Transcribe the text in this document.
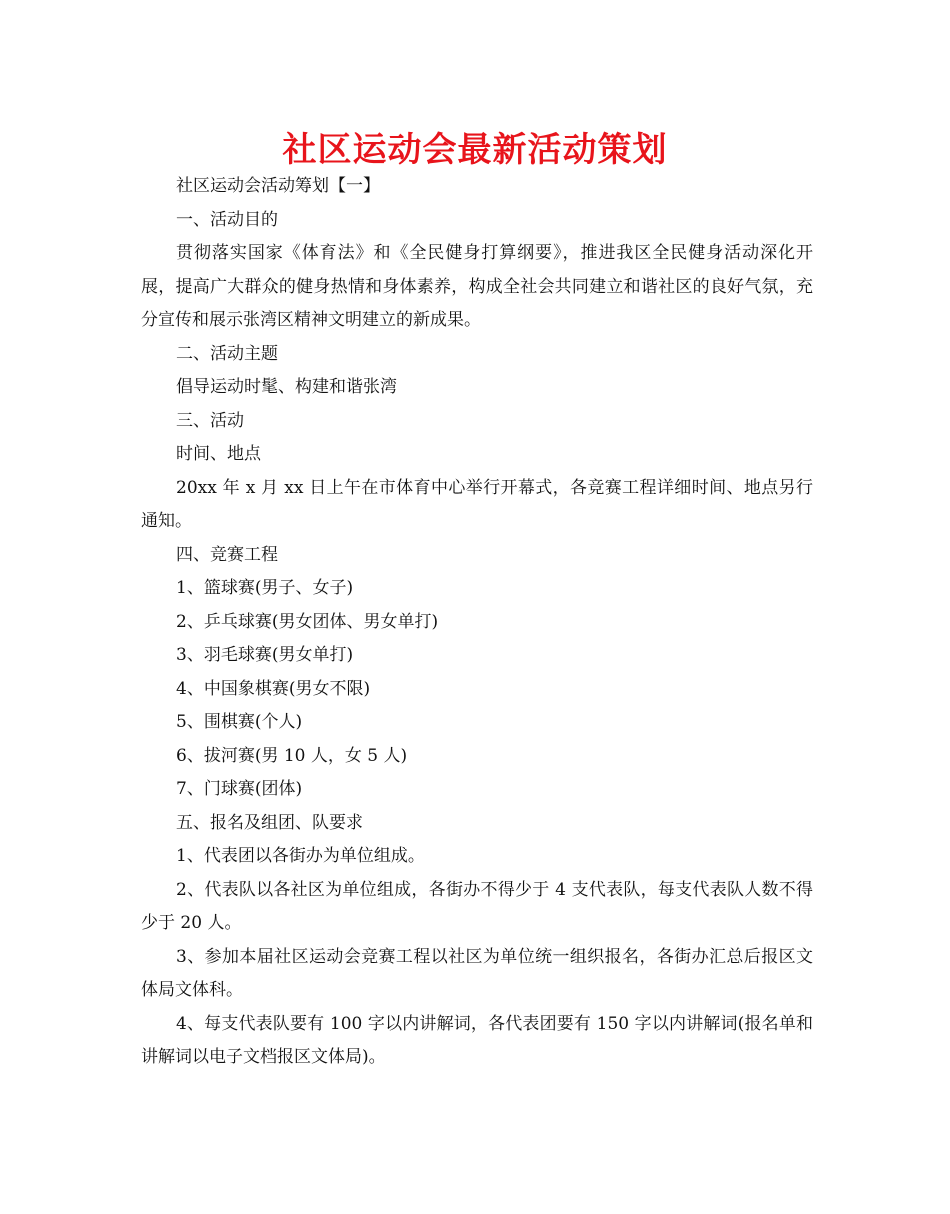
社区运动会最新活动策划

社区运动会活动筹划【一】

一、活动目的

贯彻落实国家《体育法》和《全民健身打算纲要》，推进我区全民健身活动深化开展，提高广大群众的健身热情和身体素养，构成全社会共同建立和谐社区的良好气氛，充分宣传和展示张湾区精神文明建立的新成果。

二、活动主题

倡导运动时髦、构建和谐张湾

三、活动

时间、地点

20xx 年 x 月 xx 日上午在市体育中心举行开幕式，各竞赛工程详细时间、地点另行通知。

四、竞赛工程

1、篮球赛(男子、女子)

2、乒乓球赛(男女团体、男女单打)

3、羽毛球赛(男女单打)

4、中国象棋赛(男女不限)

5、围棋赛(个人)

6、拔河赛(男 10 人，女 5 人)

7、门球赛(团体)

五、报名及组团、队要求

1、代表团以各街办为单位组成。

2、代表队以各社区为单位组成，各街办不得少于 4 支代表队，每支代表队人数不得少于 20 人。

3、参加本届社区运动会竞赛工程以社区为单位统一组织报名，各街办汇总后报区文体局文体科。

4、每支代表队要有 100 字以内讲解词，各代表团要有 150 字以内讲解词(报名单和讲解词以电子文档报区文体局)。
